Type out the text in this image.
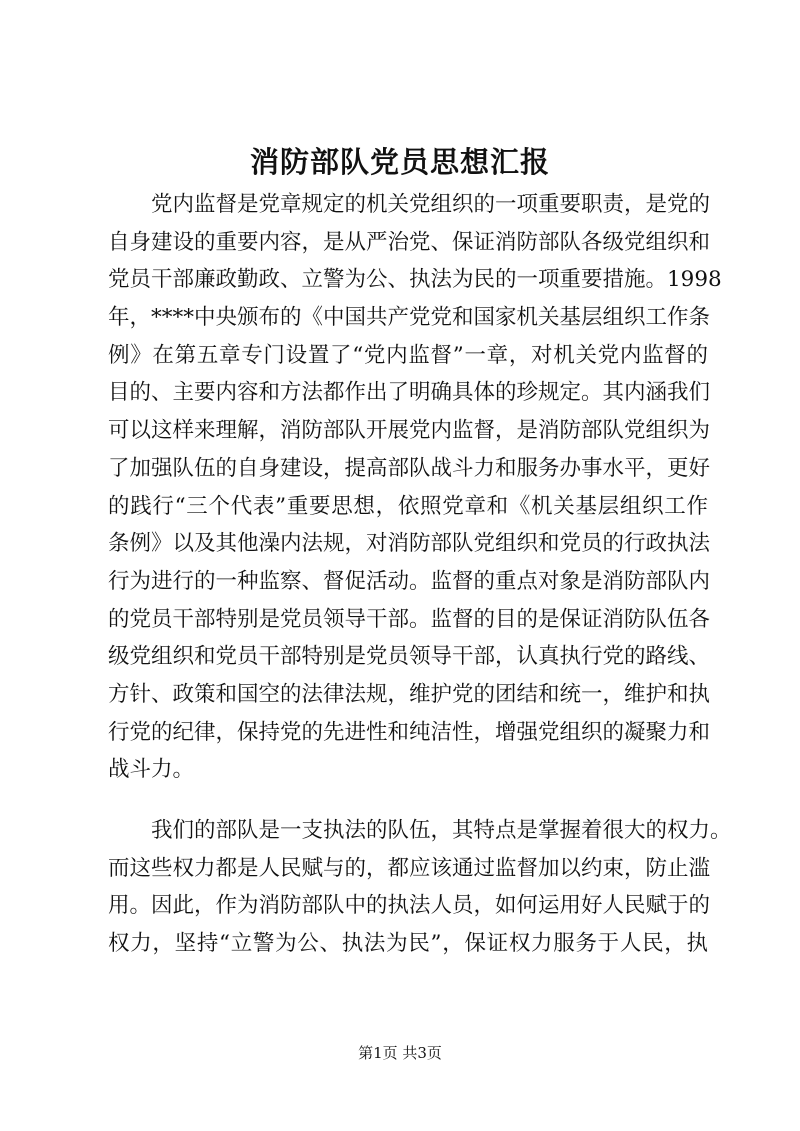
消防部队党员思想汇报
　　党内监督是党章规定的机关党组织的一项重要职责，是党的
自身建设的重要内容，是从严治党、保证消防部队各级党组织和
党员干部廉政勤政、立警为公、执法为民的一项重要措施。1998
年，****中央颁布的《中国共产党党和国家机关基层组织工作条
例》在第五章专门设置了“党内监督”一章，对机关党内监督的
目的、主要内容和方法都作出了明确具体的珍规定。其内涵我们
可以这样来理解，消防部队开展党内监督，是消防部队党组织为
了加强队伍的自身建设，提高部队战斗力和服务办事水平，更好
的践行“三个代表”重要思想，依照党章和《机关基层组织工作
条例》以及其他澡内法规，对消防部队党组织和党员的行政执法
行为进行的一种监察、督促活动。监督的重点对象是消防部队内
的党员干部特别是党员领导干部。监督的目的是保证消防队伍各
级党组织和党员干部特别是党员领导干部，认真执行党的路线、
方针、政策和国空的法律法规，维护党的团结和统一，维护和执
行党的纪律，保持党的先进性和纯洁性，增强党组织的凝聚力和
战斗力。
　　我们的部队是一支执法的队伍，其特点是掌握着很大的权力。
而这些权力都是人民赋与的，都应该通过监督加以约束，防止滥
用。因此，作为消防部队中的执法人员，如何运用好人民赋于的
权力，坚持“立警为公、执法为民”，保证权力服务于人民，执
第1页 共3页
